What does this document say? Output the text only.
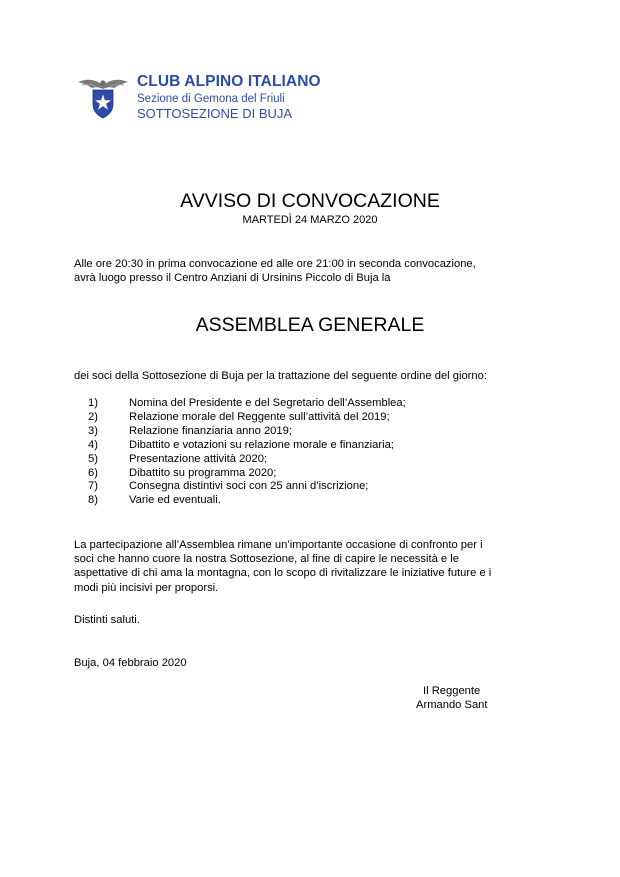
CLUB ALPINO ITALIANO
Sezione di Gemona del Friuli
SOTTOSEZIONE DI BUJA
AVVISO DI CONVOCAZIONE
MARTEDÌ 24 MARZO 2020
Alle ore 20:30 in prima convocazione ed alle ore 21:00 in seconda convocazione,
avrà luogo presso il Centro Anziani di Ursinins Piccolo di Buja la
ASSEMBLEA GENERALE
dei soci della Sottosezione di Buja per la trattazione del seguente ordine del giorno:
1)	Nomina del Presidente e del Segretario dell’Assemblea;
2)	Relazione morale del Reggente sull’attività del 2019;
3)	Relazione finanziaria anno 2019;
4)	Dibattito e votazioni su relazione morale e finanziaria;
5)	Presentazione attività 2020;
6)	Dibattito su programma 2020;
7)	Consegna distintivi soci con 25 anni d’iscrizione;
8)	Varie ed eventuali.
La partecipazione all’Assemblea rimane un’importante occasione di confronto per i
soci che hanno cuore la nostra Sottosezione, al fine di capire le necessità e le
aspettative di chi ama la montagna, con lo scopo di rivitalizzare le iniziative future e i
modi più incisivi per proporsi.
Distinti saluti.
Buja, 04 febbraio 2020
Il Reggente
Armando Sant
